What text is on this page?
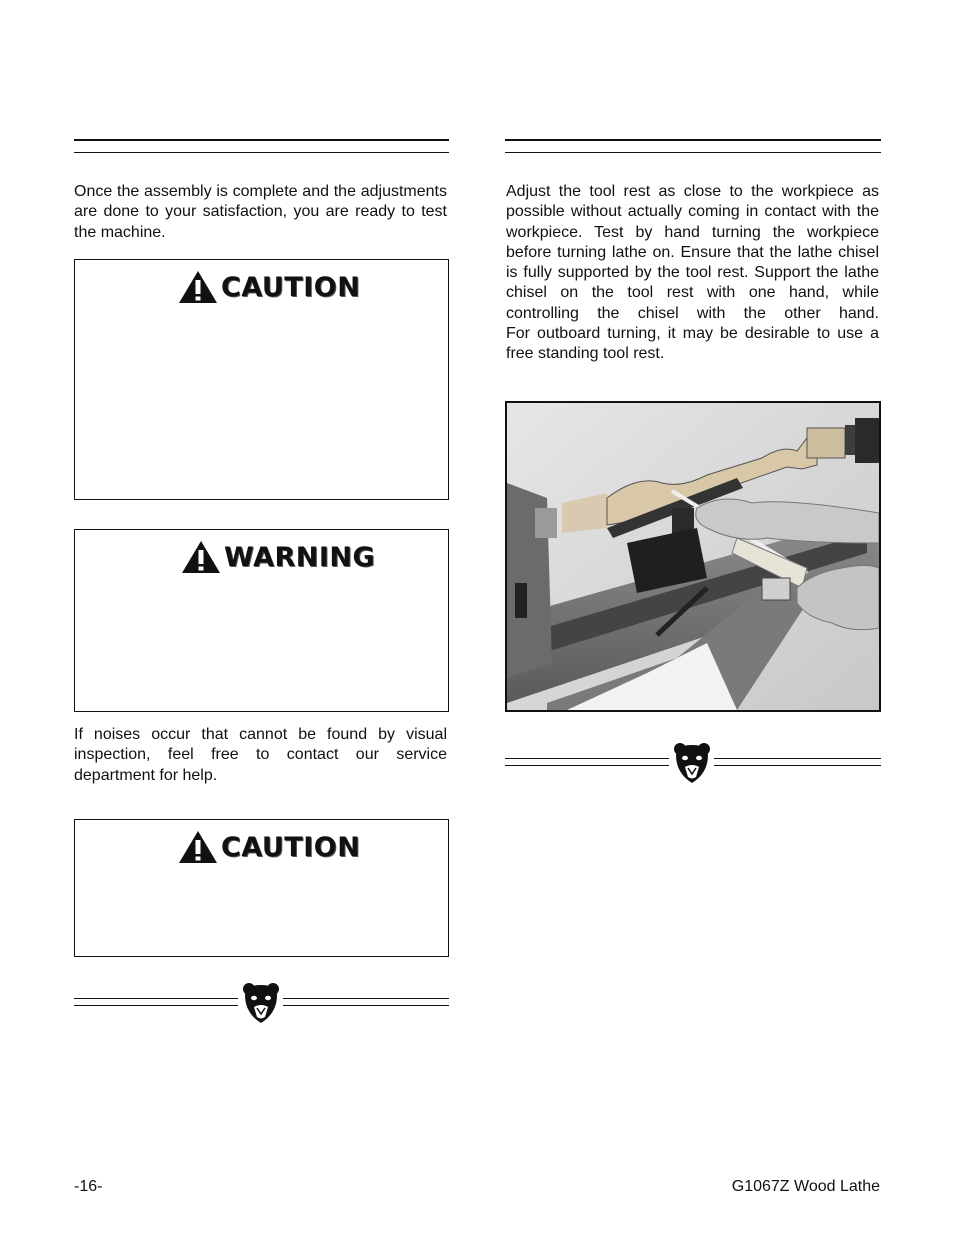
Once the assembly is complete and the adjustments are done to your satisfaction, you are ready to test the machine.

CAUTION
WARNING

If noises occur that cannot be found by visual inspection, feel free to contact our service department for help.

CAUTION

Adjust the tool rest as close to the workpiece as possible without actually coming in contact with the workpiece. Test by hand turning the workpiece before turning lathe on. Ensure that the lathe chisel is fully supported by the tool rest. Support the lathe chisel on the tool rest with one hand, while controlling the chisel with the other hand.              For outboard turning, it may be desirable to use a free standing tool rest.

-16-	G1067Z Wood Lathe
